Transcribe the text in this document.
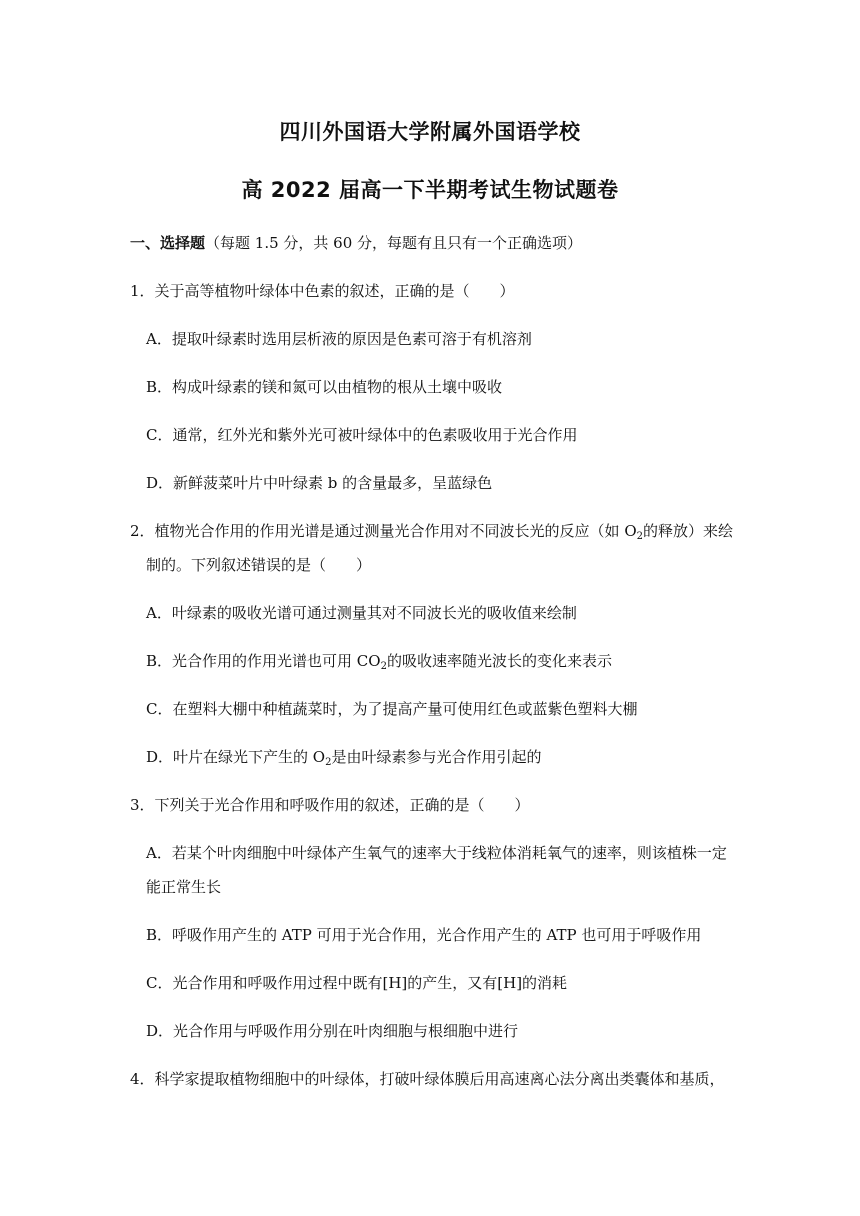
四川外国语大学附属外国语学校
高 2022 届高一下半期考试生物试题卷

一、选择题（每题 1.5 分，共 60 分，每题有且只有一个正确选项）

1．关于高等植物叶绿体中色素的叙述，正确的是（　　）

A．提取叶绿素时选用层析液的原因是色素可溶于有机溶剂

B．构成叶绿素的镁和氮可以由植物的根从土壤中吸收

C．通常，红外光和紫外光可被叶绿体中的色素吸收用于光合作用

D．新鲜菠菜叶片中叶绿素 b 的含量最多，呈蓝绿色

2．植物光合作用的作用光谱是通过测量光合作用对不同波长光的反应（如 $O_2$的释放）来绘

制的。下列叙述错误的是（　　）

A．叶绿素的吸收光谱可通过测量其对不同波长光的吸收值来绘制

B．光合作用的作用光谱也可用 $CO_2$的吸收速率随光波长的变化来表示

C．在塑料大棚中种植蔬菜时，为了提高产量可使用红色或蓝紫色塑料大棚

D．叶片在绿光下产生的 $O_2$是由叶绿素参与光合作用引起的

3．下列关于光合作用和呼吸作用的叙述，正确的是（　　）

A．若某个叶肉细胞中叶绿体产生氧气的速率大于线粒体消耗氧气的速率，则该植株一定

能正常生长

B．呼吸作用产生的 ATP 可用于光合作用，光合作用产生的 ATP 也可用于呼吸作用

C．光合作用和呼吸作用过程中既有[H]的产生，又有[H]的消耗

D．光合作用与呼吸作用分别在叶肉细胞与根细胞中进行

4．科学家提取植物细胞中的叶绿体，打破叶绿体膜后用高速离心法分离出类囊体和基质，
